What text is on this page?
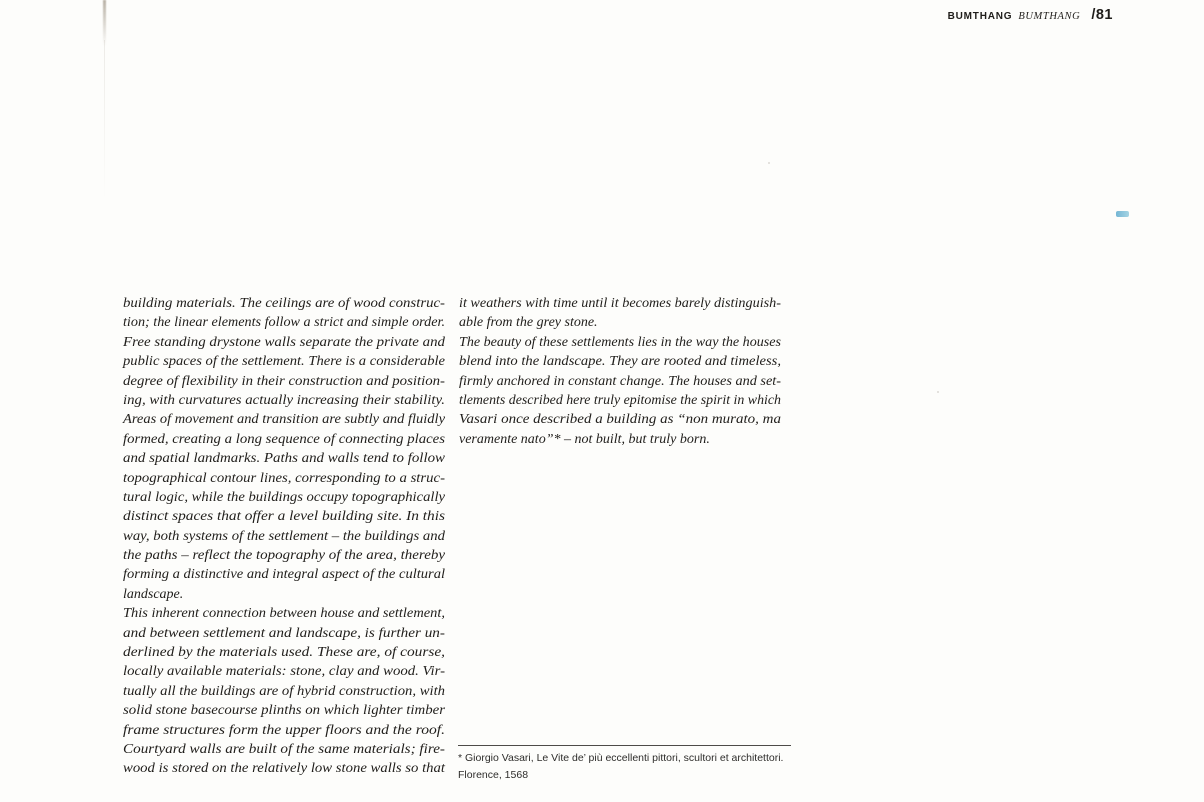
BUMTHANG BUMTHANG /81
building materials. The ceilings are of wood construc-
tion; the linear elements follow a strict and simple order.
Free standing drystone walls separate the private and
public spaces of the settlement. There is a considerable
degree of flexibility in their construction and position-
ing, with curvatures actually increasing their stability.
Areas of movement and transition are subtly and fluidly
formed, creating a long sequence of connecting places
and spatial landmarks. Paths and walls tend to follow
topographical contour lines, corresponding to a struc-
tural logic, while the buildings occupy topographically
distinct spaces that offer a level building site. In this
way, both systems of the settlement – the buildings and
the paths – reflect the topography of the area, thereby
forming a distinctive and integral aspect of the cultural
landscape.
This inherent connection between house and settlement,
and between settlement and landscape, is further un-
derlined by the materials used. These are, of course,
locally available materials: stone, clay and wood. Vir-
tually all the buildings are of hybrid construction, with
solid stone basecourse plinths on which lighter timber
frame structures form the upper floors and the roof.
Courtyard walls are built of the same materials; fire-
wood is stored on the relatively low stone walls so that
it weathers with time until it becomes barely distinguish-
able from the grey stone.
The beauty of these settlements lies in the way the houses
blend into the landscape. They are rooted and timeless,
firmly anchored in constant change. The houses and set-
tlements described here truly epitomise the spirit in which
Vasari once described a building as “non murato, ma
veramente nato”* – not built, but truly born.
* Giorgio Vasari, Le Vite de’ più eccellenti pittori, scultori et architettori.
Florence, 1568
